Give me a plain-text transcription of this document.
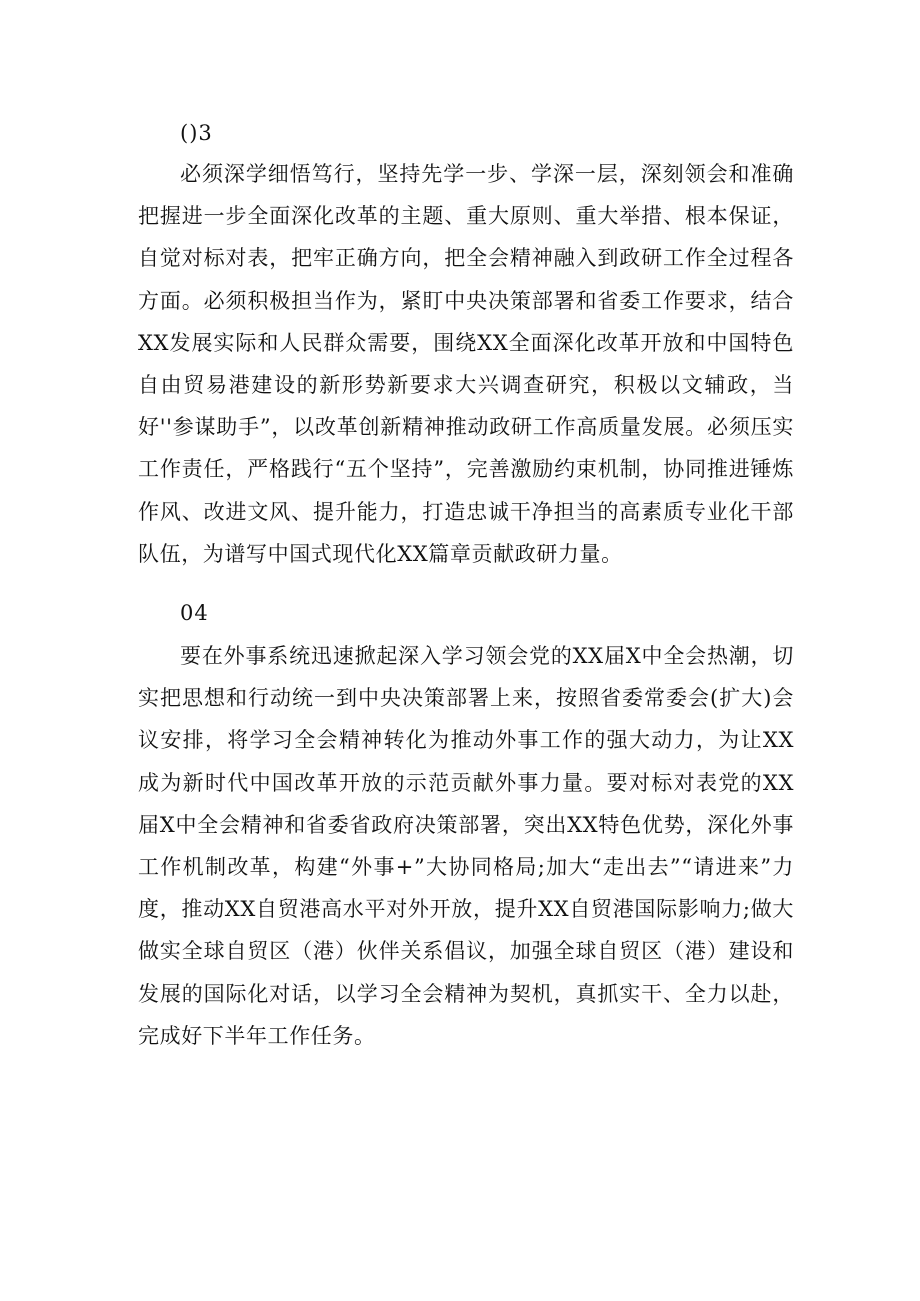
()3

必须深学细悟笃行，坚持先学一步、学深一层，深刻领会和准确把握进一步全面深化改革的主题、重大原则、重大举措、根本保证，自觉对标对表，把牢正确方向，把全会精神融入到政研工作全过程各方面。必须积极担当作为，紧盯中央决策部署和省委工作要求，结合XX发展实际和人民群众需要，围绕XX全面深化改革开放和中国特色自由贸易港建设的新形势新要求大兴调查研究，积极以文辅政，当好''参谋助手”，以改革创新精神推动政研工作高质量发展。必须压实工作责任，严格践行“五个坚持”，完善激励约束机制，协同推进锤炼作风、改进文风、提升能力，打造忠诚干净担当的高素质专业化干部队伍，为谱写中国式现代化XX篇章贡献政研力量。

04

要在外事系统迅速掀起深入学习领会党的XX届X中全会热潮，切实把思想和行动统一到中央决策部署上来，按照省委常委会(扩大)会议安排，将学习全会精神转化为推动外事工作的强大动力，为让XX成为新时代中国改革开放的示范贡献外事力量。要对标对表党的XX届X中全会精神和省委省政府决策部署，突出XX特色优势，深化外事工作机制改革，构建“外事+”大协同格局;加大“走出去”“请进来”力度，推动XX自贸港高水平对外开放，提升XX自贸港国际影响力;做大做实全球自贸区（港）伙伴关系倡议，加强全球自贸区（港）建设和发展的国际化对话，以学习全会精神为契机，真抓实干、全力以赴，完成好下半年工作任务。
